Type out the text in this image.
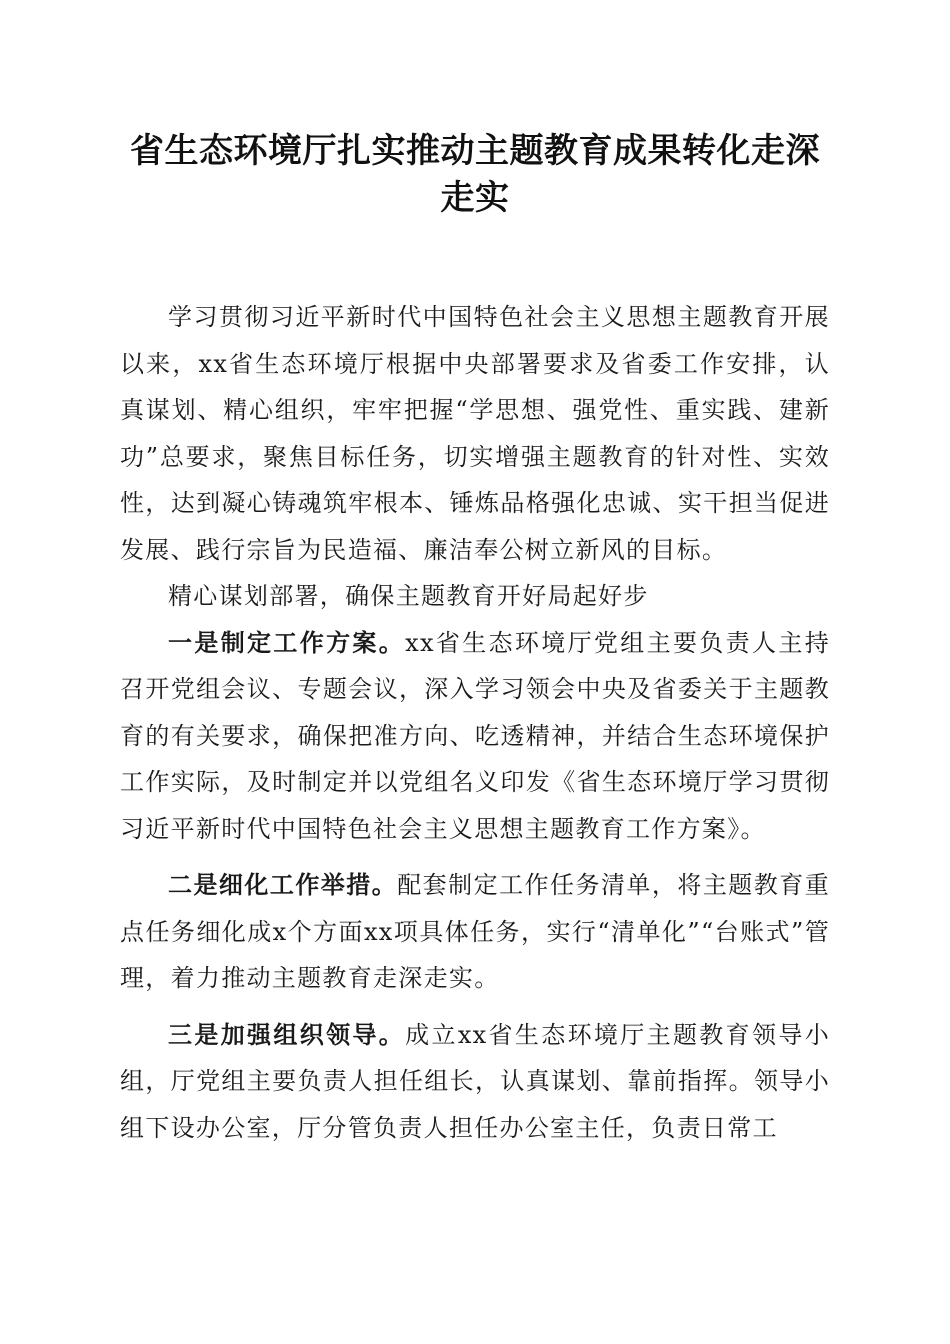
省生态环境厅扎实推动主题教育成果转化走深走实

学习贯彻习近平新时代中国特色社会主义思想主题教育开展以来，xx省生态环境厅根据中央部署要求及省委工作安排，认真谋划、精心组织，牢牢把握“学思想、强党性、重实践、建新功”总要求，聚焦目标任务，切实增强主题教育的针对性、实效性，达到凝心铸魂筑牢根本、锤炼品格强化忠诚、实干担当促进发展、践行宗旨为民造福、廉洁奉公树立新风的目标。

精心谋划部署，确保主题教育开好局起好步

一是制定工作方案。xx省生态环境厅党组主要负责人主持召开党组会议、专题会议，深入学习领会中央及省委关于主题教育的有关要求，确保把准方向、吃透精神，并结合生态环境保护工作实际，及时制定并以党组名义印发《省生态环境厅学习贯彻习近平新时代中国特色社会主义思想主题教育工作方案》。

二是细化工作举措。配套制定工作任务清单，将主题教育重点任务细化成x个方面xx项具体任务，实行“清单化”“台账式”管理，着力推动主题教育走深走实。

三是加强组织领导。成立xx省生态环境厅主题教育领导小组，厅党组主要负责人担任组长，认真谋划、靠前指挥。领导小组下设办公室，厅分管负责人担任办公室主任，负责日常工
